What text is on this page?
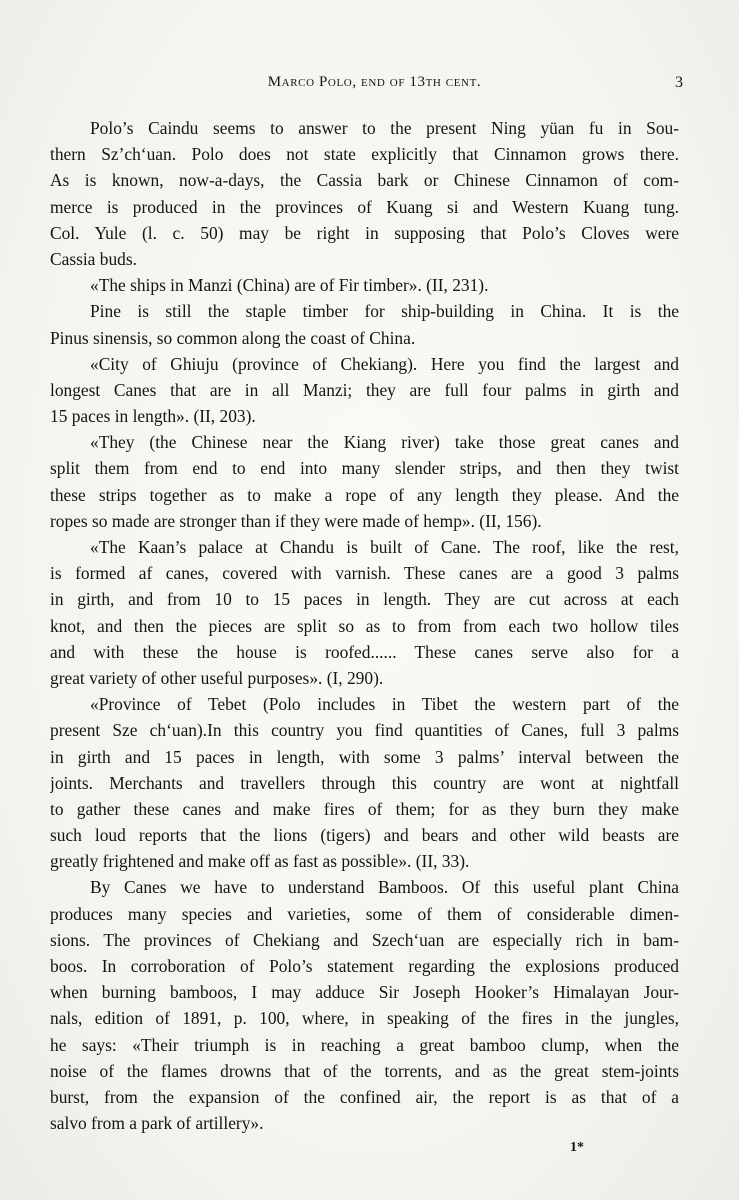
Marco Polo, end of 13th cent.	3
Polo’s Caindu seems to answer to the present Ning yüan fu in Sou-
thern Sz’ch‘uan. Polo does not state explicitly that Cinnamon grows there.
As is known, now-a-days, the Cassia bark or Chinese Cinnamon of com-
merce is produced in the provinces of Kuang si and Western Kuang tung.
Col. Yule (l. c. 50) may be right in supposing that Polo’s Cloves were
Cassia buds.
«The ships in Manzi (China) are of Fir timber». (II, 231).
Pine is still the staple timber for ship-building in China. It is the
Pinus sinensis, so common along the coast of China.
«City of Ghiuju (province of Chekiang). Here you find the largest and
longest Canes that are in all Manzi; they are full four palms in girth and
15 paces in length». (II, 203).
«They (the Chinese near the Kiang river) take those great canes and
split them from end to end into many slender strips, and then they twist
these strips together as to make a rope of any length they please. And the
ropes so made are stronger than if they were made of hemp». (II, 156).
«The Kaan’s palace at Chandu is built of Cane. The roof, like the rest,
is formed af canes, covered with varnish. These canes are a good 3 palms
in girth, and from 10 to 15 paces in length. They are cut across at each
knot, and then the pieces are split so as to from from each two hollow tiles
and with these the house is roofed...... These canes serve also for a
great variety of other useful purposes». (I, 290).
«Province of Tebet (Polo includes in Tibet the western part of the
present Sze ch‘uan).In this country you find quantities of Canes, full 3 palms
in girth and 15 paces in length, with some 3 palms’ interval between the
joints. Merchants and travellers through this country are wont at nightfall
to gather these canes and make fires of them; for as they burn they make
such loud reports that the lions (tigers) and bears and other wild beasts are
greatly frightened and make off as fast as possible». (II, 33).
By Canes we have to understand Bamboos. Of this useful plant China
produces many species and varieties, some of them of considerable dimen-
sions. The provinces of Chekiang and Szech‘uan are especially rich in bam-
boos. In corroboration of Polo’s statement regarding the explosions produced
when burning bamboos, I may adduce Sir Joseph Hooker’s Himalayan Jour-
nals, edition of 1891, p. 100, where, in speaking of the fires in the jungles,
he says: «Their triumph is in reaching a great bamboo clump, when the
noise of the flames drowns that of the torrents, and as the great stem-joints
burst, from the expansion of the confined air, the report is as that of a
salvo from a park of artillery».
1*
